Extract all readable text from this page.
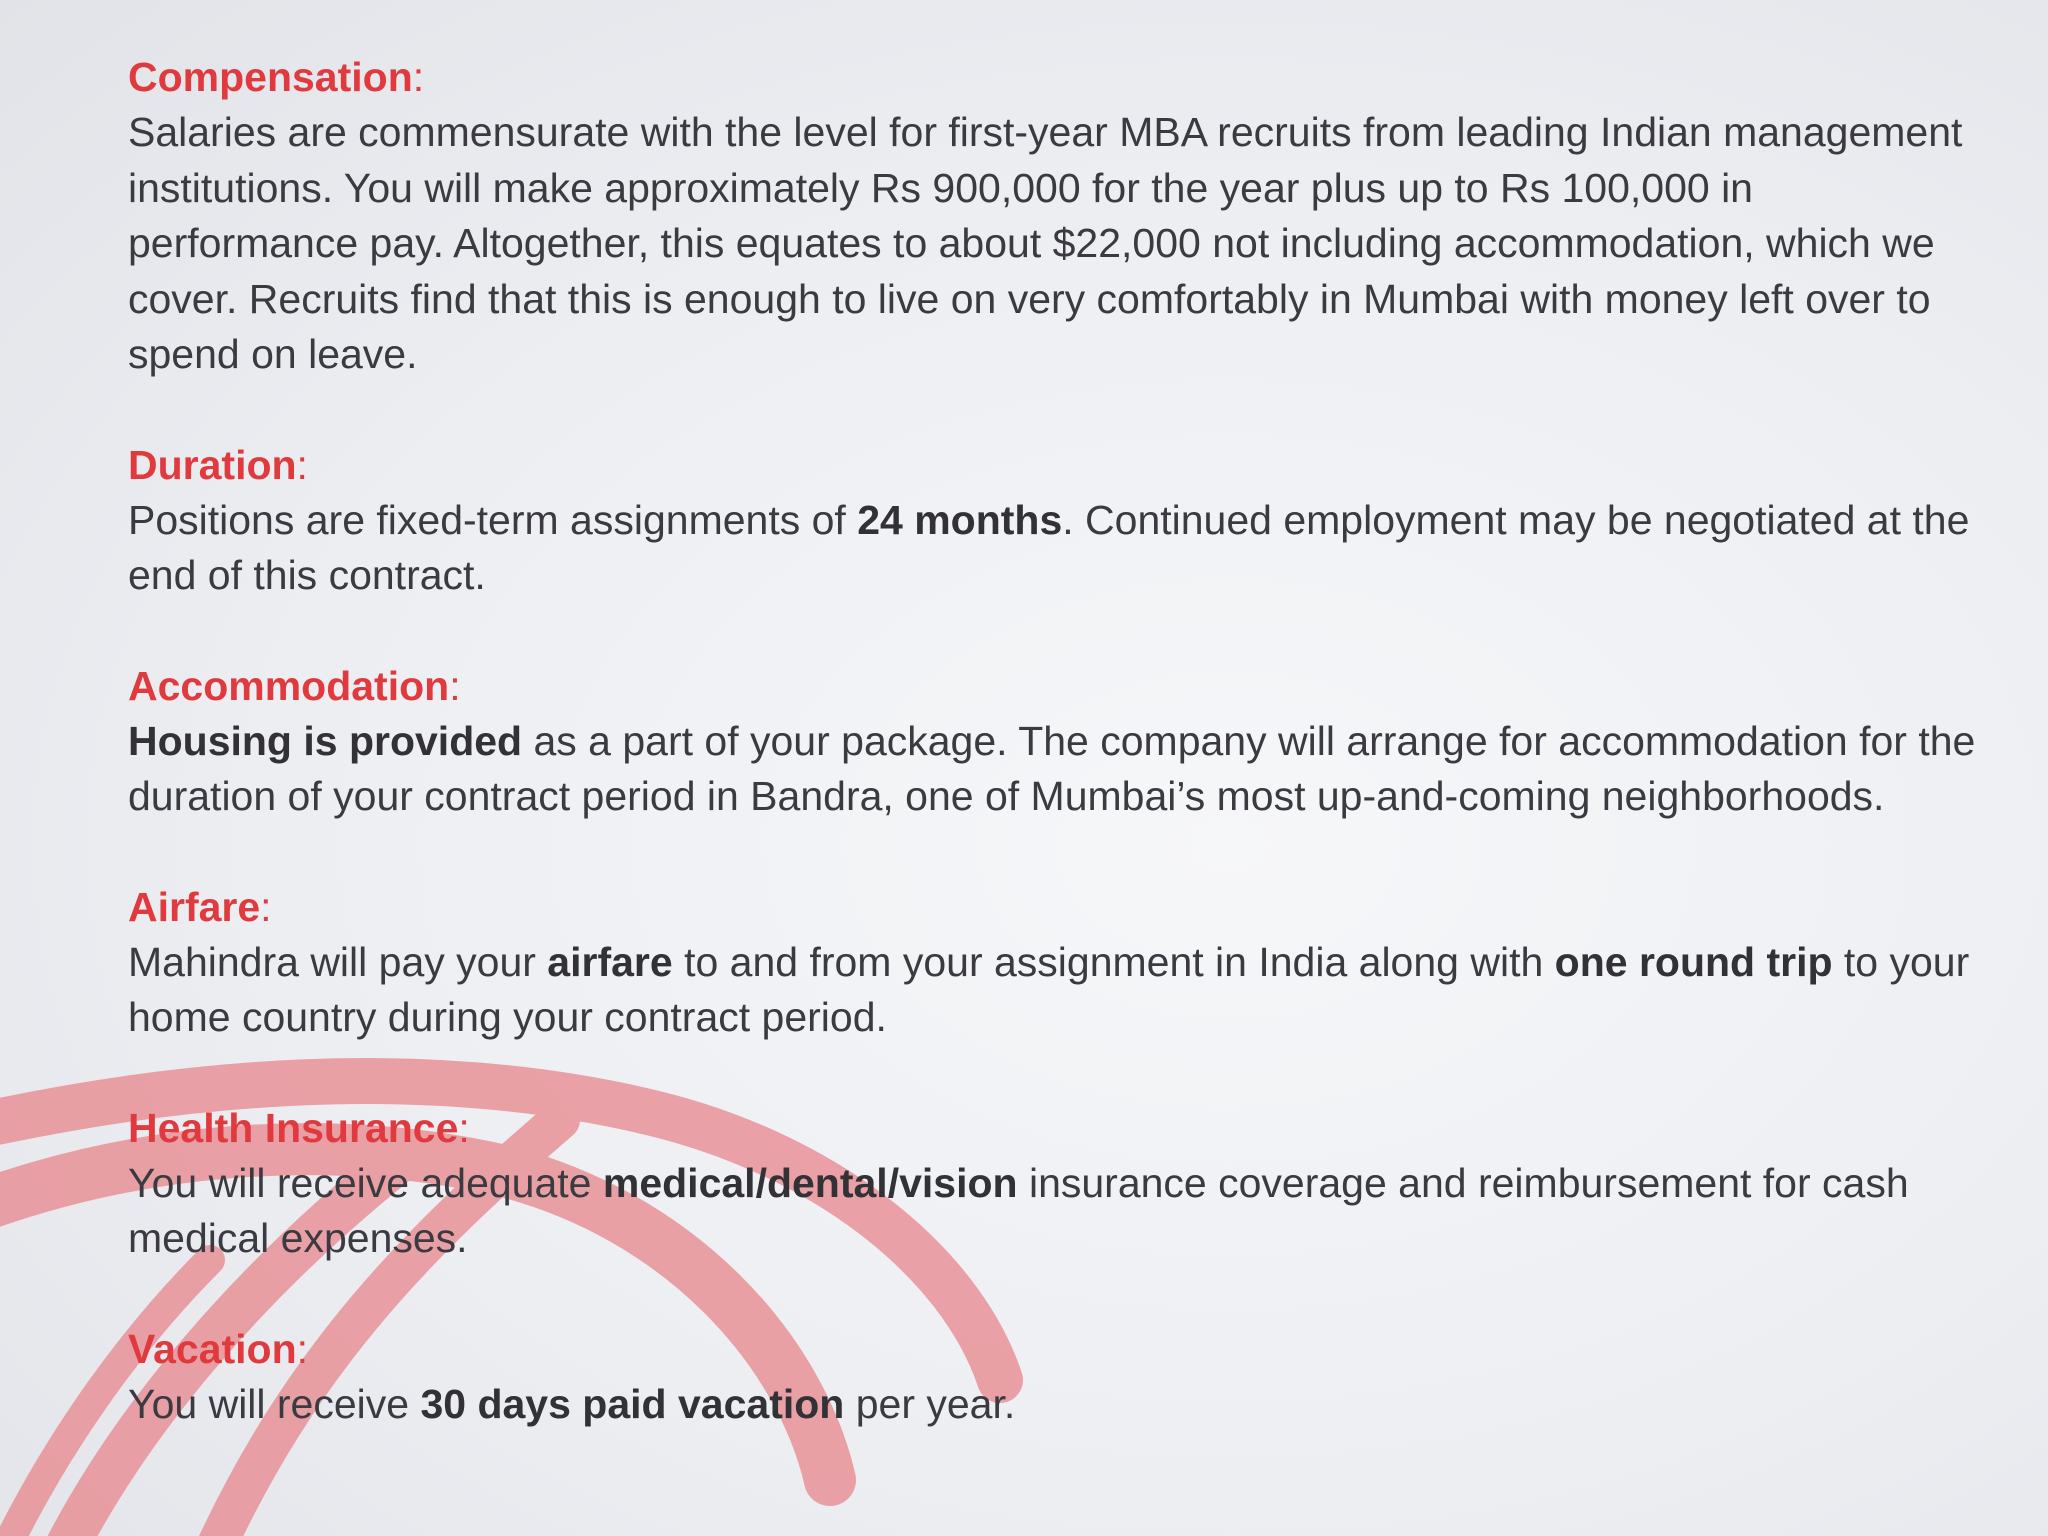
Compensation:

Salaries are commensurate with the level for first-year MBA recruits from leading Indian management institutions. You will make approximately Rs 900,000 for the year plus up to Rs 100,000 in performance pay. Altogether, this equates to about $22,000 not including accommodation, which we cover. Recruits find that this is enough to live on very comfortably in Mumbai with money left over to spend on leave.

Duration:

Positions are fixed-term assignments of 24 months. Continued employment may be negotiated at the end of this contract.

Accommodation:

Housing is provided as a part of your package. The company will arrange for accommodation for the duration of your contract period in Bandra, one of Mumbai’s most up-and-coming neighborhoods.

Airfare:

Mahindra will pay your airfare to and from your assignment in India along with one round trip to your home country during your contract period.

Health Insurance:

You will receive adequate medical/dental/vision insurance coverage and reimbursement for cash medical expenses.

Vacation:

You will receive 30 days paid vacation per year.
